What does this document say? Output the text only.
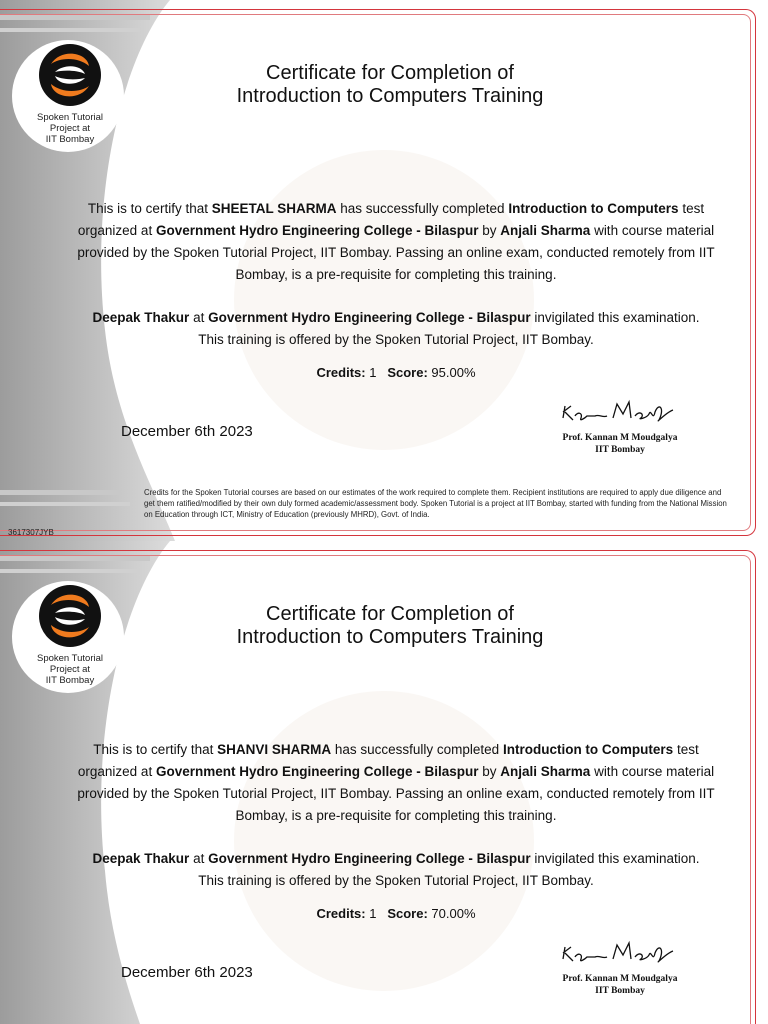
Spoken Tutorial
Project at
IIT Bombay
Certificate for Completion of
Introduction to Computers Training
This is to certify that SHEETAL SHARMA has successfully completed Introduction to Computers test organized at Government Hydro Engineering College - Bilaspur by Anjali Sharma with course material provided by the Spoken Tutorial Project, IIT Bombay. Passing an online exam, conducted remotely from IIT Bombay, is a pre-requisite for completing this training.
Deepak Thakur at Government Hydro Engineering College - Bilaspur invigilated this examination.
This training is offered by the Spoken Tutorial Project, IIT Bombay.
Credits: 1 Score: 95.00%
December 6th 2023	Prof. Kannan M Moudgalya
IIT Bombay
Credits for the Spoken Tutorial courses are based on our estimates of the work required to complete them. Recipient institutions are required to apply due diligence and get them ratified/modified by their own duly formed academic/assessment body. Spoken Tutorial is a project at IIT Bombay, started with funding from the National Mission on Education through ICT, Ministry of Education (previously MHRD), Govt. of India.
3617307JYB
Spoken Tutorial
Project at
IIT Bombay
Certificate for Completion of
Introduction to Computers Training
This is to certify that SHANVI SHARMA has successfully completed Introduction to Computers test organized at Government Hydro Engineering College - Bilaspur by Anjali Sharma with course material provided by the Spoken Tutorial Project, IIT Bombay. Passing an online exam, conducted remotely from IIT Bombay, is a pre-requisite for completing this training.
Deepak Thakur at Government Hydro Engineering College - Bilaspur invigilated this examination.
This training is offered by the Spoken Tutorial Project, IIT Bombay.
Credits: 1 Score: 70.00%
December 6th 2023	Prof. Kannan M Moudgalya
IIT Bombay
